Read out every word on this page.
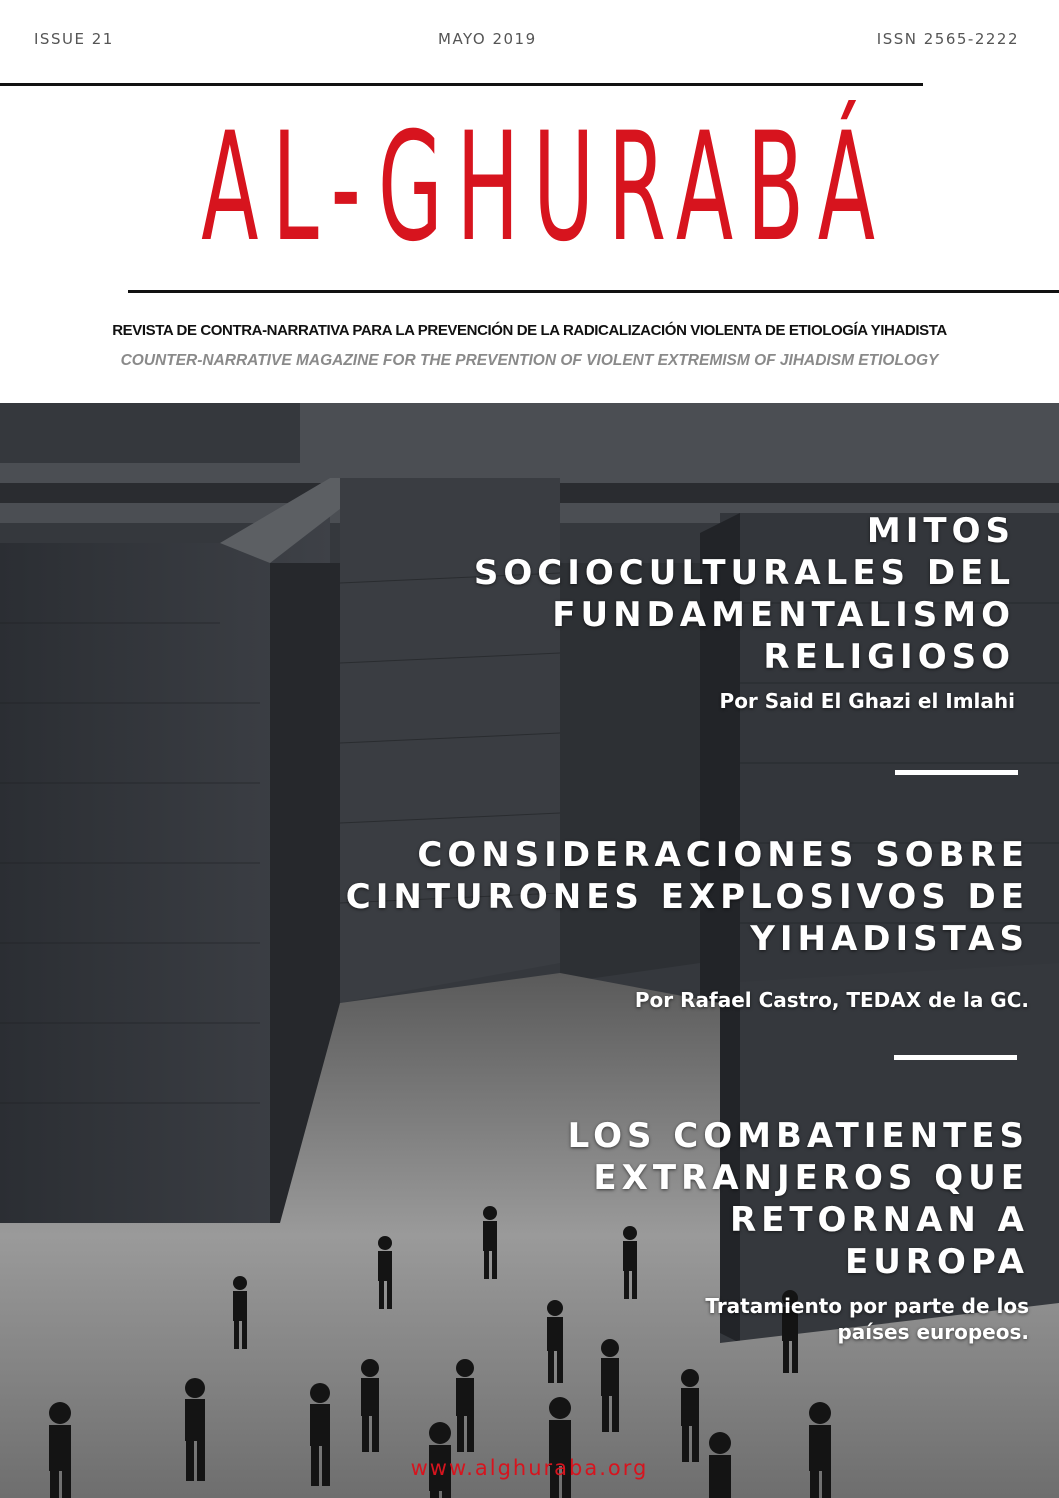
ISSUE 21	MAYO 2019	ISSN 2565-2222
AL-GHURABÁ
REVISTA DE CONTRA-NARRATIVA PARA LA PREVENCIÓN DE LA RADICALIZACIÓN VIOLENTA DE ETIOLOGÍA YIHADISTA
COUNTER-NARRATIVE MAGAZINE FOR THE PREVENTION OF VIOLENT EXTREMISM OF JIHADISM ETIOLOGY
MITOS
SOCIOCULTURALES DEL
FUNDAMENTALISMO
RELIGIOSO
Por Said El Ghazi el Imlahi
CONSIDERACIONES SOBRE
CINTURONES EXPLOSIVOS DE
YIHADISTAS
Por Rafael Castro, TEDAX de la GC.
LOS COMBATIENTES
EXTRANJEROS QUE
RETORNAN A
EUROPA
Tratamiento por parte de los
países europeos.
www.alghuraba.org
